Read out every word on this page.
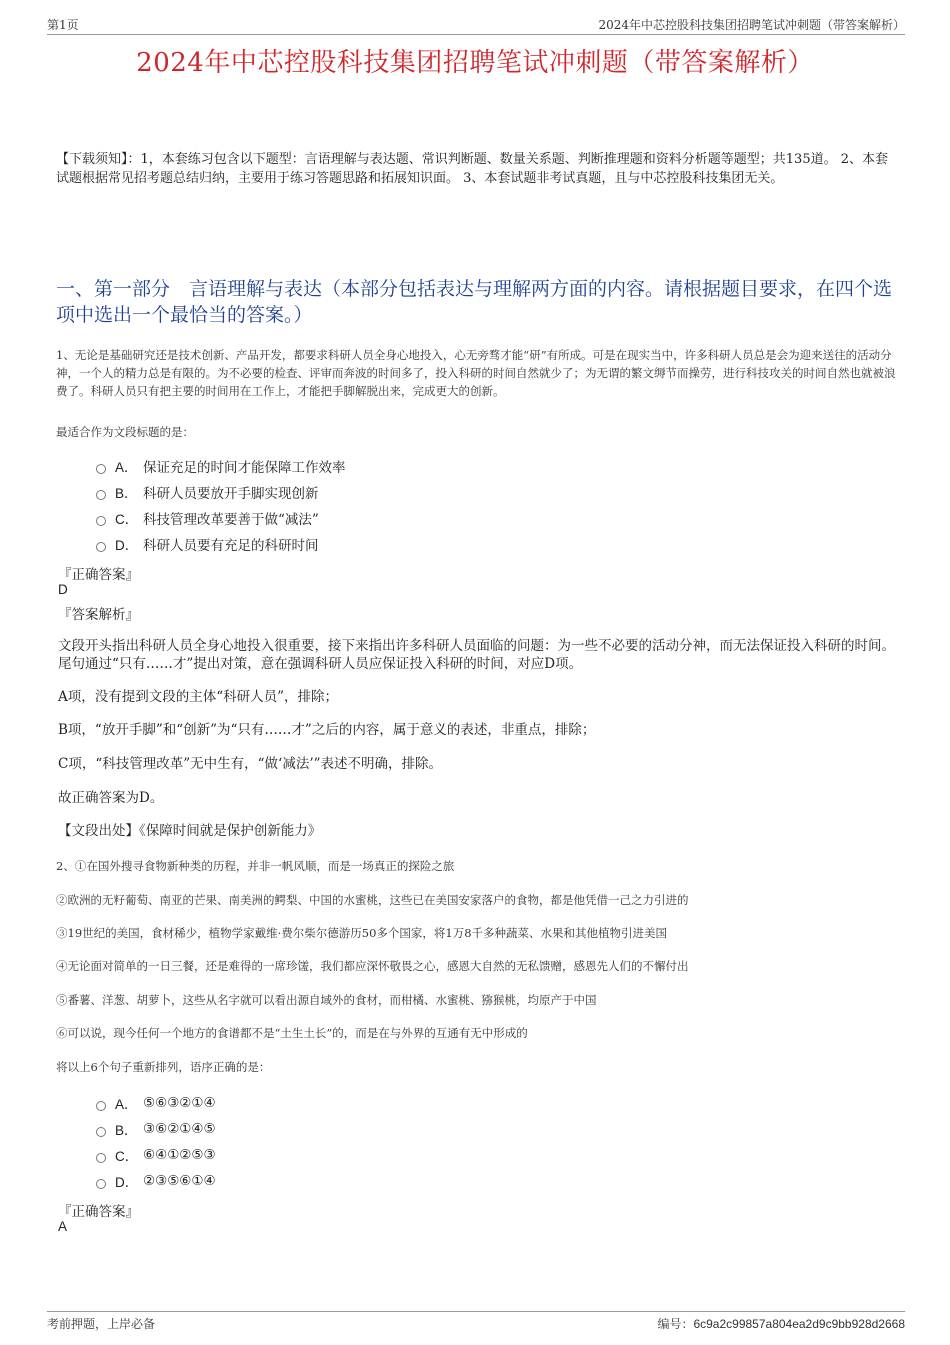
第1页	2024年中芯控股科技集团招聘笔试冲刺题（带答案解析）
2024年中芯控股科技集团招聘笔试冲刺题（带答案解析）
【下载须知】：1，本套练习包含以下题型：言语理解与表达题、常识判断题、数量关系题、判断推理题和资料分析题等题型；共135道。 2、本套试题根据常见招考题总结归纳，主要用于练习答题思路和拓展知识面。 3、本套试题非考试真题，且与中芯控股科技集团无关。
一、第一部分　言语理解与表达（本部分包括表达与理解两方面的内容。请根据题目要求，在四个选项中选出一个最恰当的答案。）
1、无论是基础研究还是技术创新、产品开发，都要求科研人员全身心地投入，心无旁骛才能“研”有所成。可是在现实当中，许多科研人员总是会为迎来送往的活动分神，一个人的精力总是有限的。为不必要的检查、评审而奔波的时间多了，投入科研的时间自然就少了；为无谓的繁文缛节而操劳，进行科技攻关的时间自然也就被浪费了。科研人员只有把主要的时间用在工作上，才能把手脚解脱出来，完成更大的创新。
最适合作为文段标题的是：
A． 保证充足的时间才能保障工作效率
B． 科研人员要放开手脚实现创新
C． 科技管理改革要善于做“减法”
D． 科研人员要有充足的科研时间
『正确答案』
D
『答案解析』
文段开头指出科研人员全身心地投入很重要，接下来指出许多科研人员面临的问题：为一些不必要的活动分神，而无法保证投入科研的时间。尾句通过“只有……才”提出对策，意在强调科研人员应保证投入科研的时间，对应D项。
A项，没有提到文段的主体“科研人员”，排除；
B项，“放开手脚”和“创新”为“只有……才”之后的内容，属于意义的表述，非重点，排除；
C项，“科技管理改革”无中生有，“做‘减法’”表述不明确，排除。
故正确答案为D。
【文段出处】《保障时间就是保护创新能力》
2、①在国外搜寻食物新种类的历程，并非一帆风顺，而是一场真正的探险之旅
②欧洲的无籽葡萄、南亚的芒果、南美洲的鳄梨、中国的水蜜桃，这些已在美国安家落户的食物，都是他凭借一己之力引进的
③19世纪的美国，食材稀少，植物学家戴维·费尔柴尔德游历50多个国家，将1万8千多种蔬菜、水果和其他植物引进美国
④无论面对简单的一日三餐，还是难得的一席珍馐，我们都应深怀敬畏之心，感恩大自然的无私馈赠，感恩先人们的不懈付出
⑤番薯、洋葱、胡萝卜，这些从名字就可以看出源自域外的食材，而柑橘、水蜜桃、猕猴桃，均原产于中国
⑥可以说，现今任何一个地方的食谱都不是“土生土长”的，而是在与外界的互通有无中形成的
将以上6个句子重新排列，语序正确的是：
A． ⑤⑥③②①④
B． ③⑥②①④⑤
C． ⑥④①②⑤③
D． ②③⑤⑥①④
『正确答案』
A
考前押题，上岸必备	编号：6c9a2c99857a804ea2d9c9bb928d2668
